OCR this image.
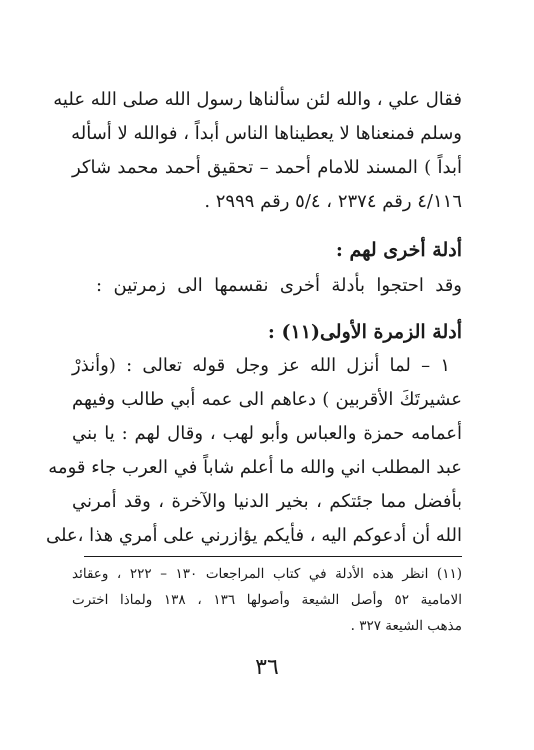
فقال علي ، والله لئن سألناها رسول الله صلى الله عليه
وسلم فمنعناها لا يعطيناها الناس أبداً ، فوالله لا أسأله
أبداً ) المسند للامام أحمد – تحقيق أحمد محمد شاكر
٤/١١٦ رقم ٢٣٧٤ ، ٥/٤ رقم ٢٩٩٩ .
أدلة أخرى لهم :
وقد احتجوا بأدلة أخرى نقسمها الى زمرتين :
أدلة الزمرة الأولى(١١) :
١ – لما أنزل الله عز وجل قوله تعالى : (وأنذرْ
عشيرتَكَ الأقربين ) دعاهم الى عمه أبي طالب وفيهم
أعمامه حمزة والعباس وأبو لهب ، وقال لهم : يا بني
عبد المطلب اني والله ما أعلم شاباً في العرب جاء قومه
بأفضل مما جئتكم ، بخير الدنيا والآخرة ، وقد أمرني
الله أن أدعوكم اليه ، فأيكم يؤازرني على أمري هذا ،على
(١١) انظر هذه الأدلة في كتاب المراجعات ١٣٠ – ٢٢٢ ، وعقائد
الامامية ٥٢ وأصل الشيعة وأصولها ١٣٦ ، ١٣٨ ولماذا اخترت
مذهب الشيعة ٣٢٧ .
٣٦
